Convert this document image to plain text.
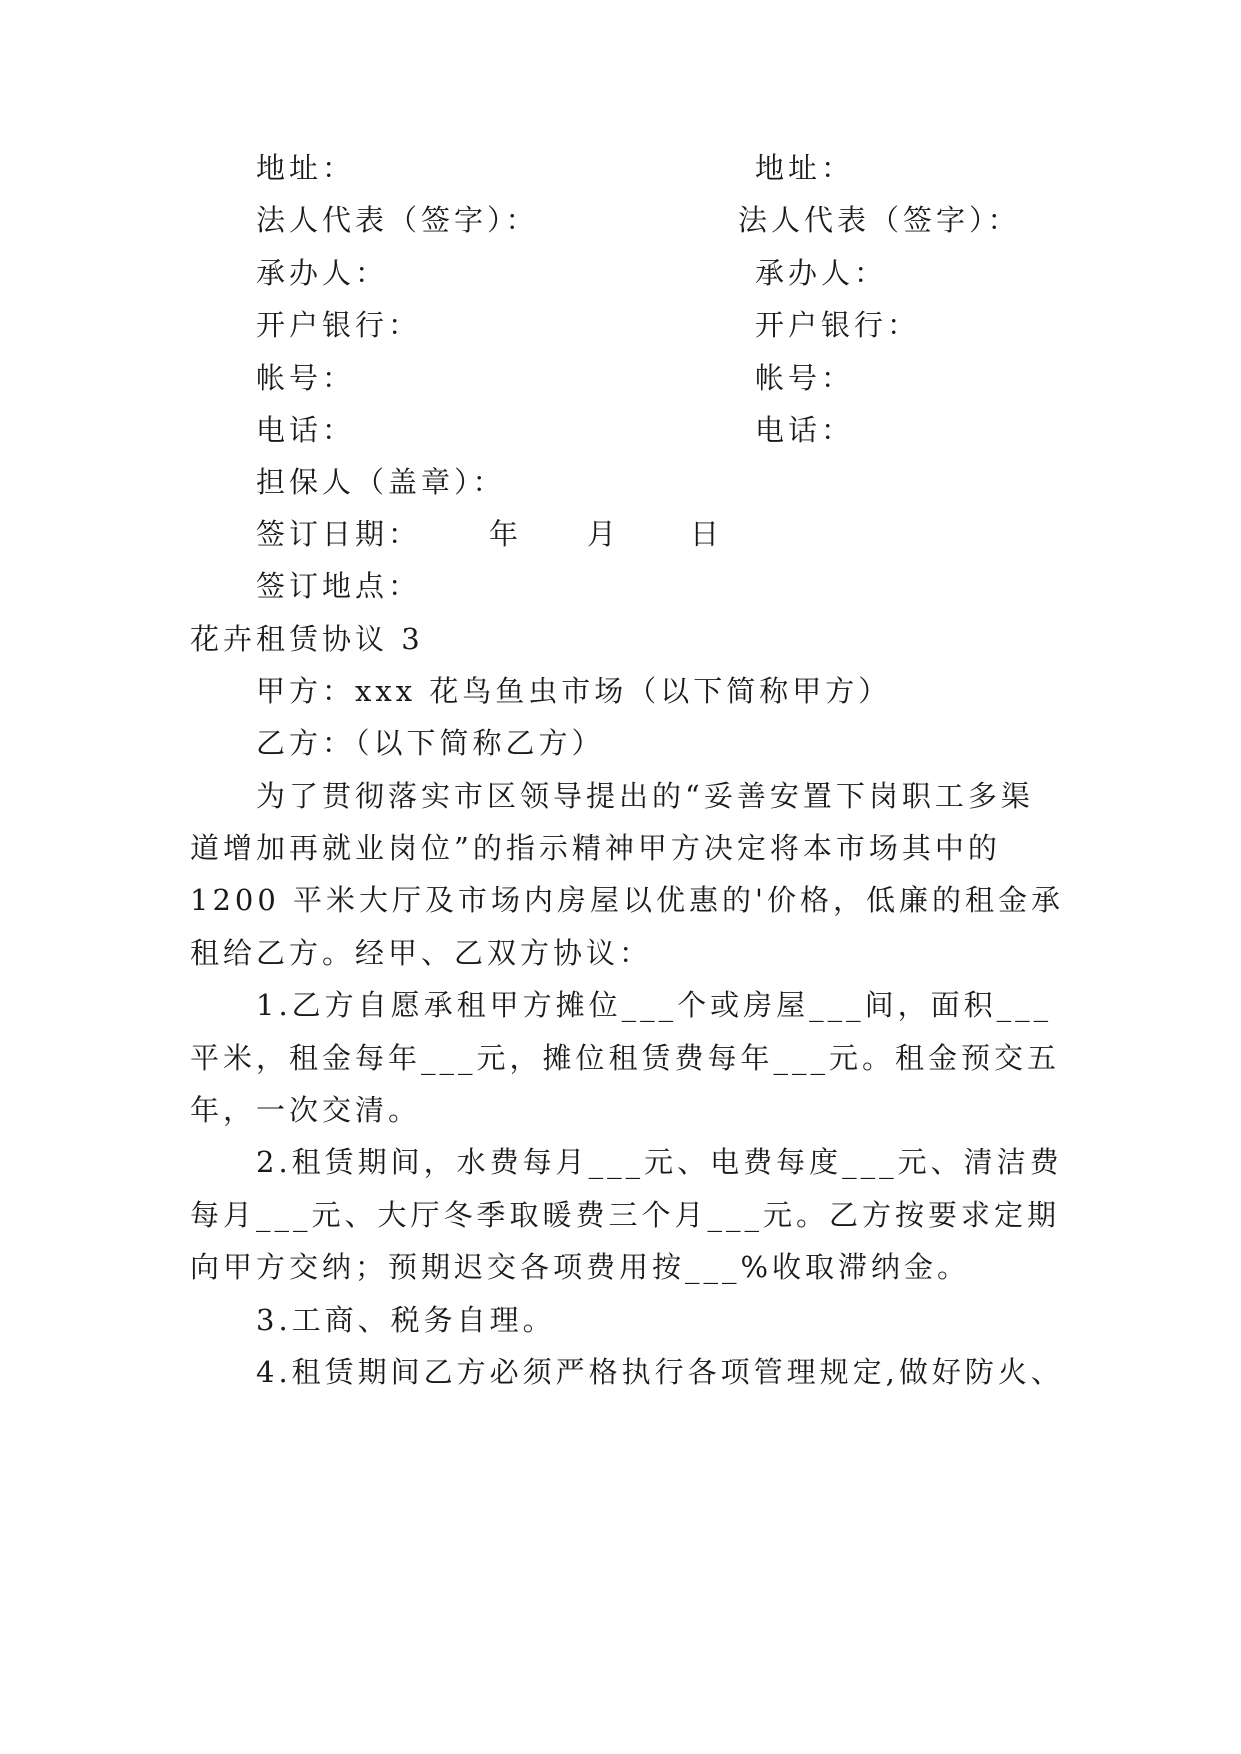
地址：
法人代表（签字）：
承办人：
开户银行：
帐号：
电话：
地址：
法人代表（签字）：
承办人：
开户银行：
帐号：
电话：
担保人（盖章）：
签订日期： 年 月 日
签订地点：
花卉租赁协议 3
甲方：xxx 花鸟鱼虫市场（以下简称甲方）
乙方：（以下简称乙方）
为了贯彻落实市区领导提出的“妥善安置下岗职工多渠
道增加再就业岗位”的指示精神甲方决定将本市场其中的
1200 平米大厅及市场内房屋以优惠的'价格，低廉的租金承
租给乙方。经甲、乙双方协议：
1.乙方自愿承租甲方摊位___个或房屋___间，面积___
平米，租金每年___元，摊位租赁费每年___元。租金预交五
年，一次交清。
2.租赁期间，水费每月___元、电费每度___元、清洁费
每月___元、大厅冬季取暖费三个月___元。乙方按要求定期
向甲方交纳；预期迟交各项费用按___%收取滞纳金。
3.工商、税务自理。
4.租赁期间乙方必须严格执行各项管理规定,做好防火、
